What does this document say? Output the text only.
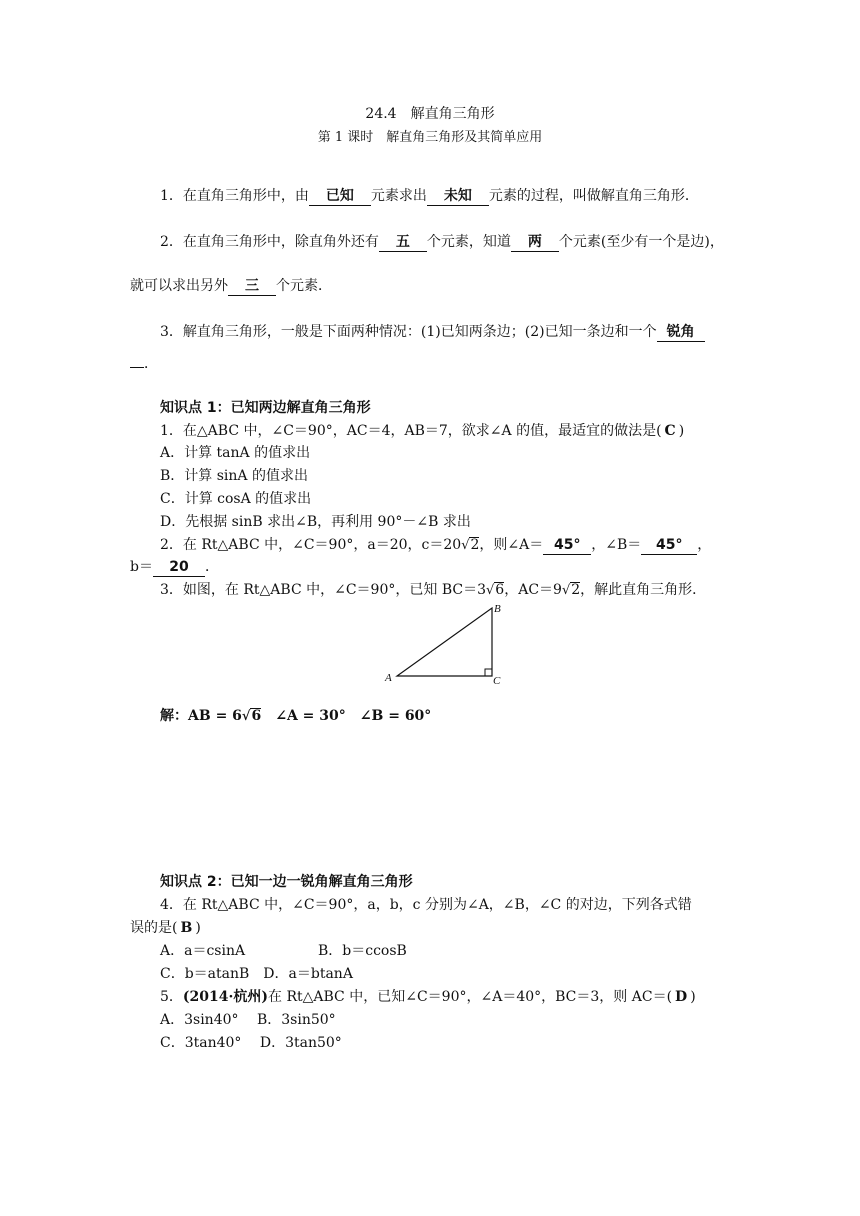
24.4　解直角三角形
第 1 课时　解直角三角形及其简单应用
1．在直角三角形中，由 已知 元素求出 未知 元素的过程，叫做解直角三角形．
2．在直角三角形中，除直角外还有 五 个元素，知道 两 个元素(至少有一个是边)，
就可以求出另外 三 个元素．
3．解直角三角形，一般是下面两种情况：(1)已知两条边；(2)已知一条边和一个 锐角
．
知识点 1：已知两边解直角三角形
1．在△ABC 中，∠C＝90°，AC＝4，AB＝7，欲求∠A 的值，最适宜的做法是( C )
A．计算 tanA 的值求出
B．计算 sinA 的值求出
C．计算 cosA 的值求出
D．先根据 sinB 求出∠B，再利用 90°－∠B 求出
2．在 Rt△ABC 中，∠C＝90°，a＝20，c＝20√2，则∠A＝ 45° ，∠B＝ 45° ，
b＝ 20 ．
3．如图，在 Rt△ABC 中，∠C＝90°，已知 BC＝3√6，AC＝9√2，解此直角三角形．
A
B
C
解：AB = 6√6　∠A = 30°　∠B = 60°
知识点 2：已知一边一锐角解直角三角形
4．在 Rt△ABC 中，∠C＝90°，a，b，c 分别为∠A，∠B，∠C 的对边，下列各式错
误的是( B )
A．a＝csinA	B．b＝ccosB
C．b＝atanB　D．a＝btanA
5．(2014·杭州)在 Rt△ABC 中，已知∠C＝90°，∠A＝40°，BC＝3，则 AC＝( D )
A．3sin40°　 B．3sin50°
C．3tan40°　 D．3tan50°
